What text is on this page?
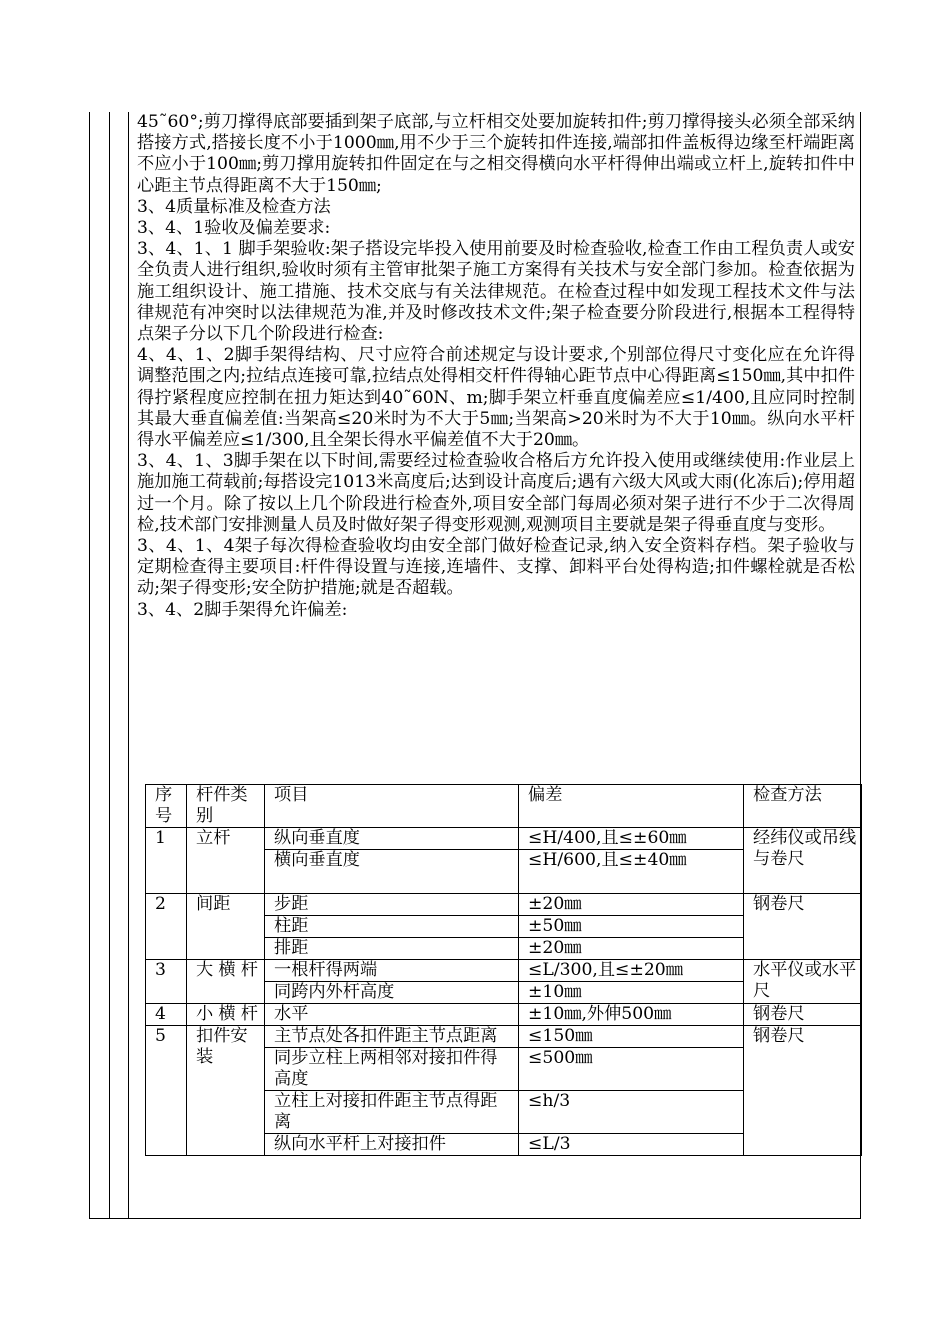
45˜60°;剪刀撑得底部要插到架子底部,与立杆相交处要加旋转扣件;剪刀撑得接头必须全部采纳搭接方式,搭接长度不小于1000㎜,用不少于三个旋转扣件连接,端部扣件盖板得边缘至杆端距离不应小于100㎜;剪刀撑用旋转扣件固定在与之相交得横向水平杆得伸出端或立杆上,旋转扣件中心距主节点得距离不大于150㎜;

3、4质量标准及检查方法

3、4、1验收及偏差要求:

3、4、1、1 脚手架验收:架子搭设完毕投入使用前要及时检查验收,检查工作由工程负责人或安全负责人进行组织,验收时须有主管审批架子施工方案得有关技术与安全部门参加。检查依据为施工组织设计、施工措施、技术交底与有关法律规范。在检查过程中如发现工程技术文件与法律规范有冲突时以法律规范为准,并及时修改技术文件;架子检查要分阶段进行,根据本工程得特点架子分以下几个阶段进行检查:

4、4、1、2脚手架得结构、尺寸应符合前述规定与设计要求,个别部位得尺寸变化应在允许得调整范围之内;拉结点连接可靠,拉结点处得相交杆件得轴心距节点中心得距离≤150㎜,其中扣件得拧紧程度应控制在扭力矩达到40˜60N、m;脚手架立杆垂直度偏差应≤1/400,且应同时控制其最大垂直偏差值:当架高≤20米时为不大于5㎜;当架高>20米时为不大于10㎜。纵向水平杆得水平偏差应≤1/300,且全架长得水平偏差值不大于20㎜。

3、4、1、3脚手架在以下时间,需要经过检查验收合格后方允许投入使用或继续使用:作业层上施加施工荷载前;每搭设完1013米高度后;达到设计高度后;遇有六级大风或大雨(化冻后);停用超过一个月。除了按以上几个阶段进行检查外,项目安全部门每周必须对架子进行不少于二次得周检,技术部门安排测量人员及时做好架子得变形观测,观测项目主要就是架子得垂直度与变形。

3、4、1、4架子每次得检查验收均由安全部门做好检查记录,纳入安全资料存档。架子验收与定期检查得主要项目:杆件得设置与连接,连墙件、支撑、卸料平台处得构造;扣件螺栓就是否松动;架子得变形;安全防护措施;就是否超载。

3、4、2脚手架得允许偏差:

序号	杆件类别	项目	偏差	检查方法
1	立杆	纵向垂直度	≤H/400,且≤±60㎜	经纬仪或吊线与卷尺
		横向垂直度	≤H/600,且≤±40㎜	
2	间距	步距	±20㎜	钢卷尺
		柱距	±50㎜	
		排距	±20㎜	
3	大横杆	一根杆得两端	≤L/300,且≤±20㎜	水平仪或水平尺
		同跨内外杆高度	±10㎜	
4	小横杆	水平	±10㎜,外伸500㎜	钢卷尺
5	扣件安装	主节点处各扣件距主节点距离	≤150㎜	钢卷尺
		同步立柱上两相邻对接扣件得高度	≤500㎜	
		立柱上对接扣件距主节点得距离	≤h/3	
		纵向水平杆上对接扣件	≤L/3	
